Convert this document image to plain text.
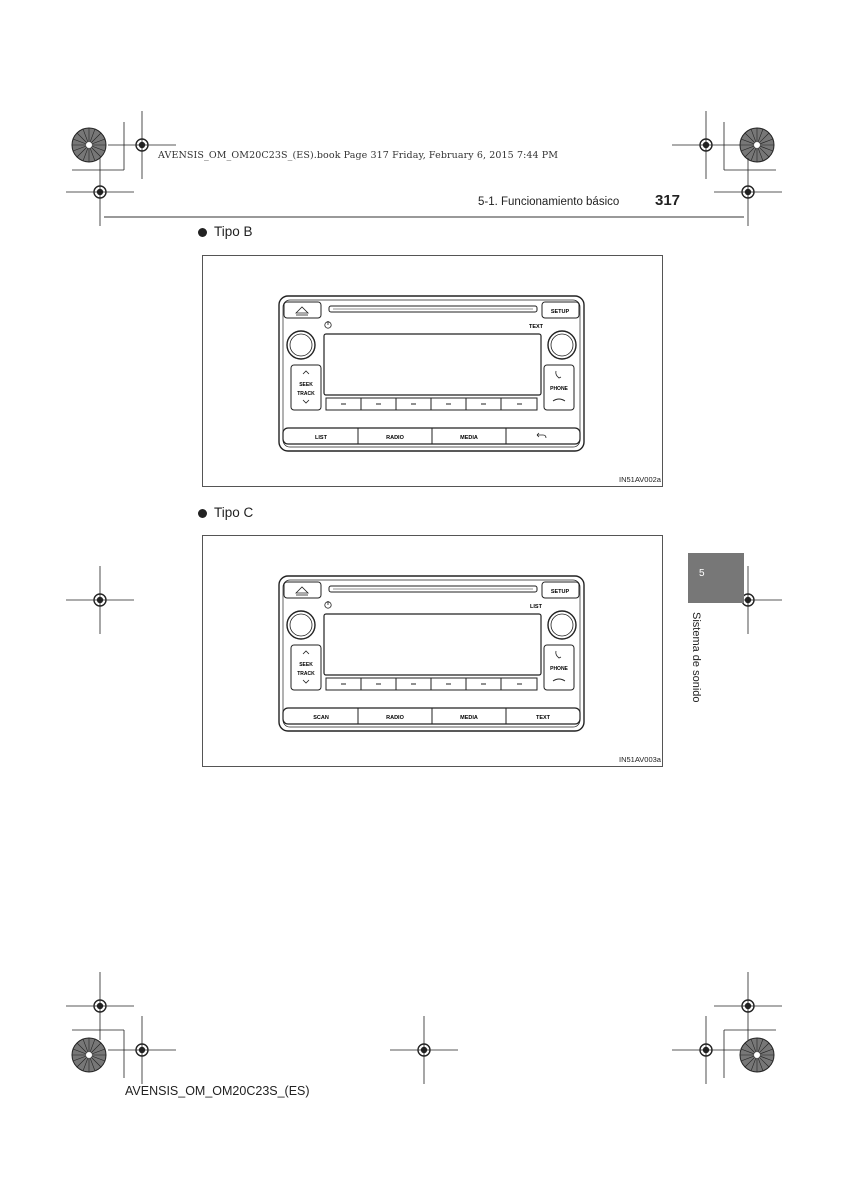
AVENSIS_OM_OM20C23S_(ES).book Page 317 Friday, February 6, 2015 7:44 PM
5-1. Funcionamiento básico 317
Tipo B
SETUP
TEXT
SEEK
TRACK
PHONE
LIST	RADIO	MEDIA
IN51AV002a
Tipo C
SETUP
LIST
SEEK
TRACK
PHONE
SCAN	RADIO	MEDIA	TEXT
IN51AV003a
5
Sistema de sonido
AVENSIS_OM_OM20C23S_(ES)
